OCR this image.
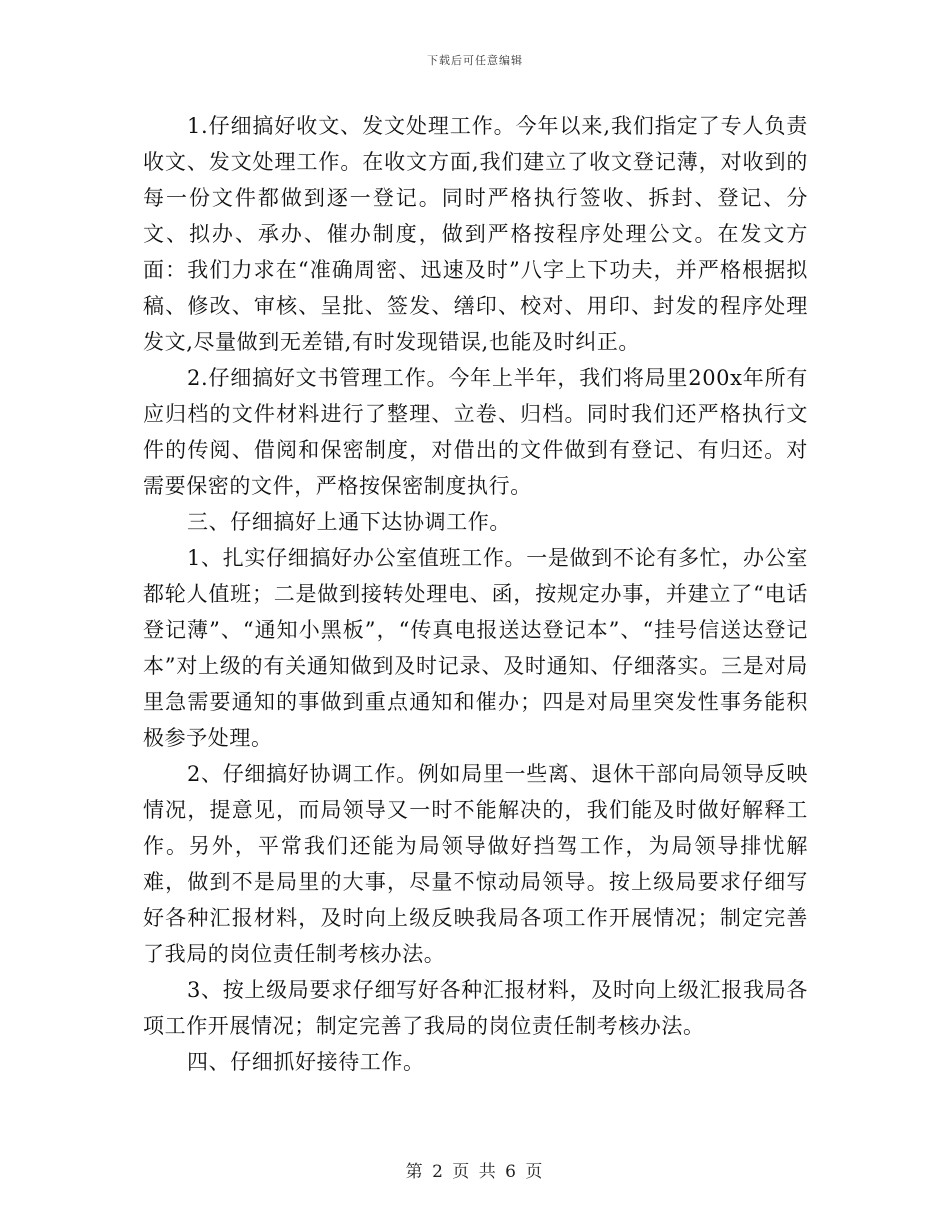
下载后可任意编辑

1.仔细搞好收文、发文处理工作。今年以来,我们指定了专人负责收文、发文处理工作。在收文方面,我们建立了收文登记薄，对收到的每一份文件都做到逐一登记。同时严格执行签收、拆封、登记、分文、拟办、承办、催办制度，做到严格按程序处理公文。在发文方面：我们力求在“准确周密、迅速及时”八字上下功夫，并严格根据拟稿、修改、审核、呈批、签发、缮印、校对、用印、封发的程序处理发文,尽量做到无差错,有时发现错误,也能及时纠正。

2.仔细搞好文书管理工作。今年上半年，我们将局里200x年所有应归档的文件材料进行了整理、立卷、归档。同时我们还严格执行文件的传阅、借阅和保密制度，对借出的文件做到有登记、有归还。对需要保密的文件，严格按保密制度执行。

三、仔细搞好上通下达协调工作。

1、扎实仔细搞好办公室值班工作。一是做到不论有多忙，办公室都轮人值班；二是做到接转处理电、函，按规定办事，并建立了“电话登记薄”、“通知小黑板”，“传真电报送达登记本”、“挂号信送达登记本”对上级的有关通知做到及时记录、及时通知、仔细落实。三是对局里急需要通知的事做到重点通知和催办；四是对局里突发性事务能积极参予处理。

2、仔细搞好协调工作。例如局里一些离、退休干部向局领导反映情况，提意见，而局领导又一时不能解决的，我们能及时做好解释工作。另外，平常我们还能为局领导做好挡驾工作，为局领导排忧解难，做到不是局里的大事，尽量不惊动局领导。按上级局要求仔细写好各种汇报材料，及时向上级反映我局各项工作开展情况；制定完善了我局的岗位责任制考核办法。

3、按上级局要求仔细写好各种汇报材料，及时向上级汇报我局各项工作开展情况；制定完善了我局的岗位责任制考核办法。

四、仔细抓好接待工作。

第 2 页 共 6 页
